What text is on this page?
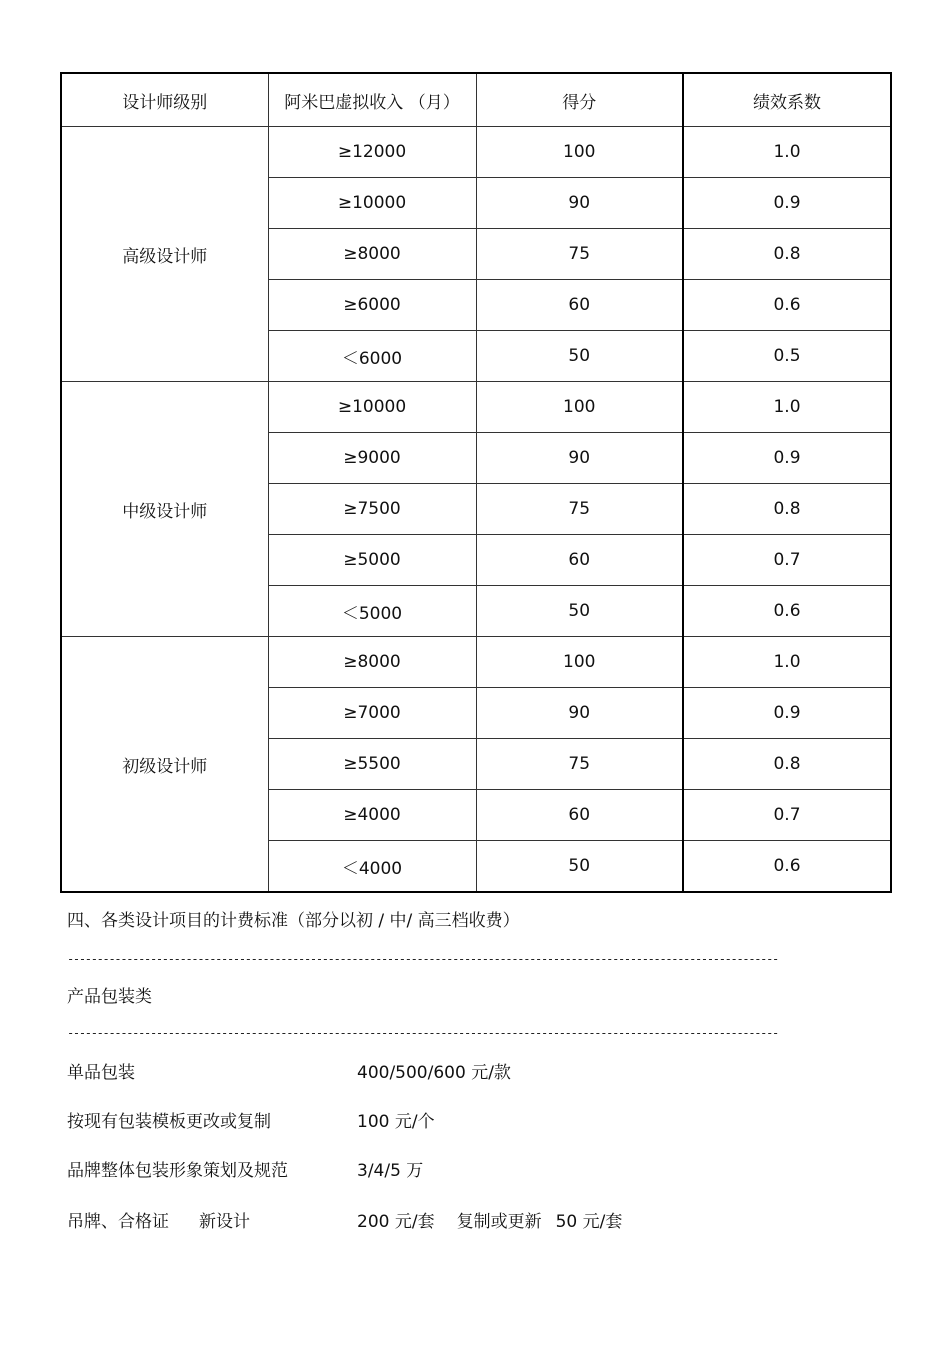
设计师级别	阿米巴虚拟收入 （月）	得分	绩效系数
高级设计师	≥12000	100	1.0
	≥10000	90	0.9
	≥8000	75	0.8
	≥6000	60	0.6
	＜6000	50	0.5
中级设计师	≥10000	100	1.0
	≥9000	90	0.9
	≥7500	75	0.8
	≥5000	60	0.7
	＜5000	50	0.6
初级设计师	≥8000	100	1.0
	≥7000	90	0.9
	≥5500	75	0.8
	≥4000	60	0.7
	＜4000	50	0.6
四、各类设计项目的计费标准（部分以初 / 中/ 高三档收费）
------------------------------------------------------------------------------------------------------------------------
产品包装类
------------------------------------------------------------------------------------------------------------------------
单品包装	400/500/600 元/款
按现有包装模板更改或复制	100 元/个
品牌整体包装形象策划及规范	3/4/5 万
吊牌、合格证 新设计	200 元/套 复制或更新 50 元/套
